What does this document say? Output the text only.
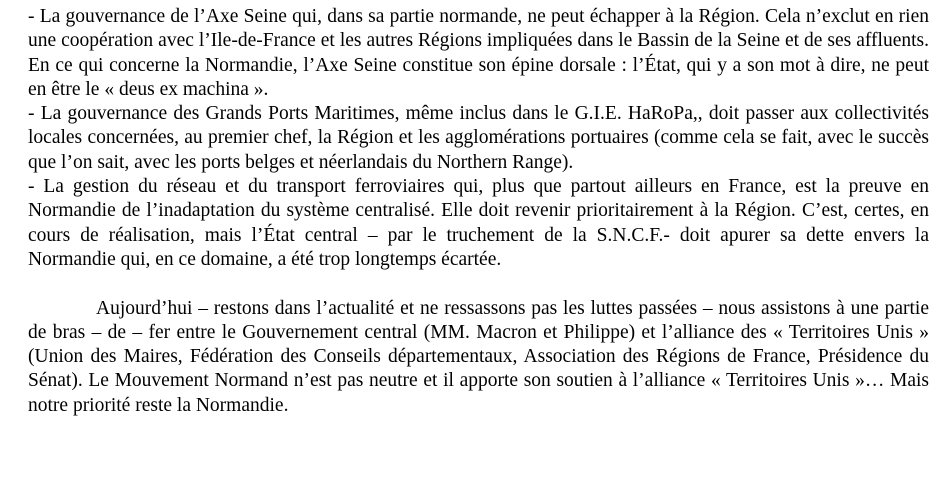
- La gouvernance de l’Axe Seine qui, dans sa partie normande, ne peut échapper à la Région. Cela n’exclut en rien une coopération avec l’Ile-de-France et les autres Régions impliquées dans le Bassin de la Seine et de ses affluents. En ce qui concerne la Normandie, l’Axe Seine constitue son épine dorsale : l’État, qui y a son mot à dire, ne peut en être le « deus ex machina ».

- La gouvernance des Grands Ports Maritimes, même inclus dans le G.I.E. HaRoPa,, doit passer aux collectivités locales concernées, au premier chef, la Région et les agglomérations portuaires (comme cela se fait, avec le succès que l’on sait, avec les ports belges et néerlandais du Northern Range).

- La gestion du réseau et du transport ferroviaires qui, plus que partout ailleurs en France, est la preuve en Normandie de l’inadaptation du système centralisé. Elle doit revenir prioritairement à la Région. C’est, certes, en cours de réalisation, mais l’État central – par le truchement de la S.N.C.F.- doit apurer sa dette envers la Normandie qui, en ce domaine, a été trop longtemps écartée.

Aujourd’hui – restons dans l’actualité et ne ressassons pas les luttes passées – nous assistons à une partie de bras – de – fer entre le Gouvernement central (MM. Macron et Philippe) et l’alliance des « Territoires Unis » (Union des Maires, Fédération des Conseils départementaux, Association des Régions de France, Présidence du Sénat). Le Mouvement Normand n’est pas neutre et il apporte son soutien à l’alliance « Territoires Unis »… Mais notre priorité reste la Normandie.
